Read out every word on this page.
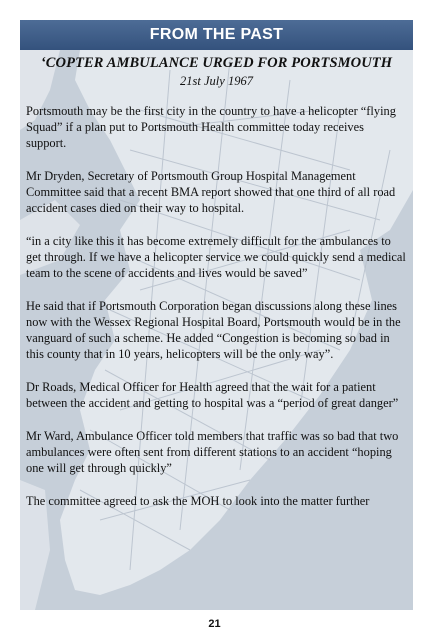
FROM THE PAST

‘COPTER AMBULANCE URGED FOR PORTSMOUTH

21st July 1967

Portsmouth may be the first city in the country to have a helicopter “flying Squad” if a plan put to Portsmouth Health committee today receives support.

Mr Dryden, Secretary of Portsmouth Group Hospital Management Committee said that a recent BMA report showed that one third of all road accident cases died on their way to hospital.

“in a city like this it has become extremely difficult for the ambulances to get through. If we have a helicopter service we could quickly send a medical team to the scene of accidents and lives would be saved”

He said that if Portsmouth Corporation began discussions along these lines now with the Wessex Regional Hospital Board, Portsmouth would be in the vanguard of such a scheme. He added “Congestion is becoming so bad in this county that in 10 years, helicopters will be the only way”.

Dr Roads, Medical Officer for Health agreed that the wait for a patient between the accident and getting to hospital was a “period of great danger”

Mr Ward, Ambulance Officer told members that traffic was so bad that two ambulances were often sent from different stations to an accident “hoping one will get through quickly”

The committee agreed to ask the MOH to look into the matter further

21
